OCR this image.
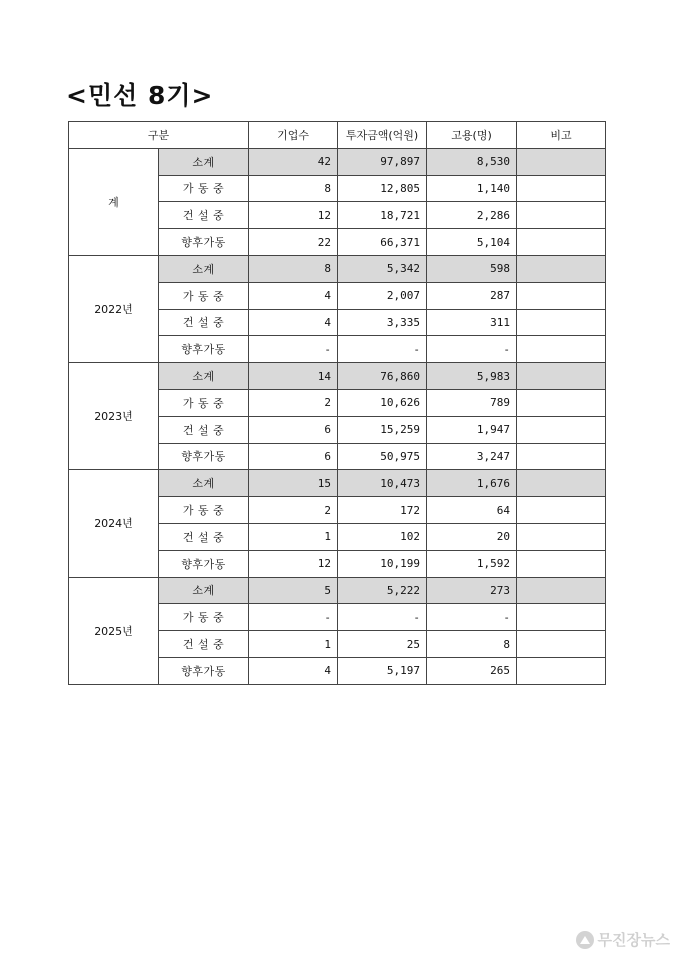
<민선 8기>
구분		기업수	투자금액(억원)	고용(명)	비고
계	소계	42	97,897	8,530	
	가 동 중	8	12,805	1,140	
	건 설 중	12	18,721	2,286	
	향후가동	22	66,371	5,104	
2022년	소계	8	5,342	598	
	가 동 중	4	2,007	287	
	건 설 중	4	3,335	311	
	향후가동	-	-	-	
2023년	소계	14	76,860	5,983	
	가 동 중	2	10,626	789	
	건 설 중	6	15,259	1,947	
	향후가동	6	50,975	3,247	
2024년	소계	15	10,473	1,676	
	가 동 중	2	172	64	
	건 설 중	1	102	20	
	향후가동	12	10,199	1,592	
2025년	소계	5	5,222	273	
	가 동 중	-	-	-	
	건 설 중	1	25	8	
	향후가동	4	5,197	265	
무진장뉴스
